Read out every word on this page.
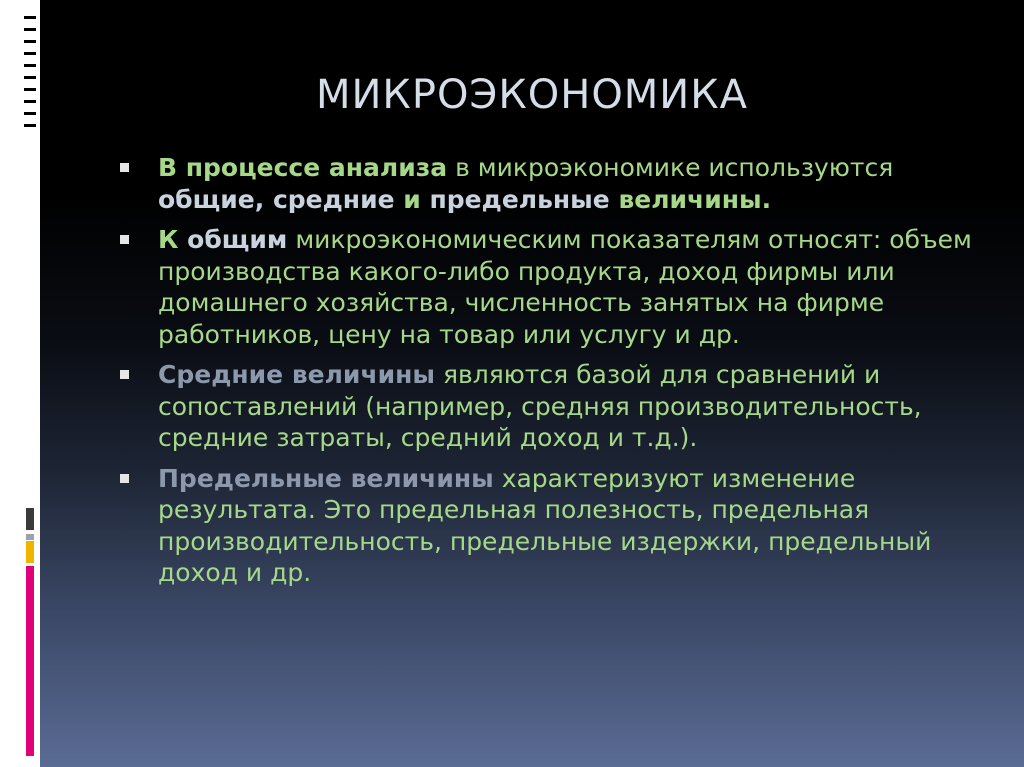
МИКРОЭКОНОМИКА
В процессе анализа в микроэкономике используются общие, средние и предельные величины.
К общим микроэкономическим показателям относят: объем производства какого-либо продукта, доход фирмы или домашнего хозяйства, численность занятых на фирме работников, цену на товар или услугу и др.
Средние величины являются базой для сравнений и сопоставлений (например, средняя производительность, средние затраты, средний доход и т.д.).
Предельные величины характеризуют изменение результата. Это предельная полезность, предельная производительность, предельные издержки, предельный доход и др.
